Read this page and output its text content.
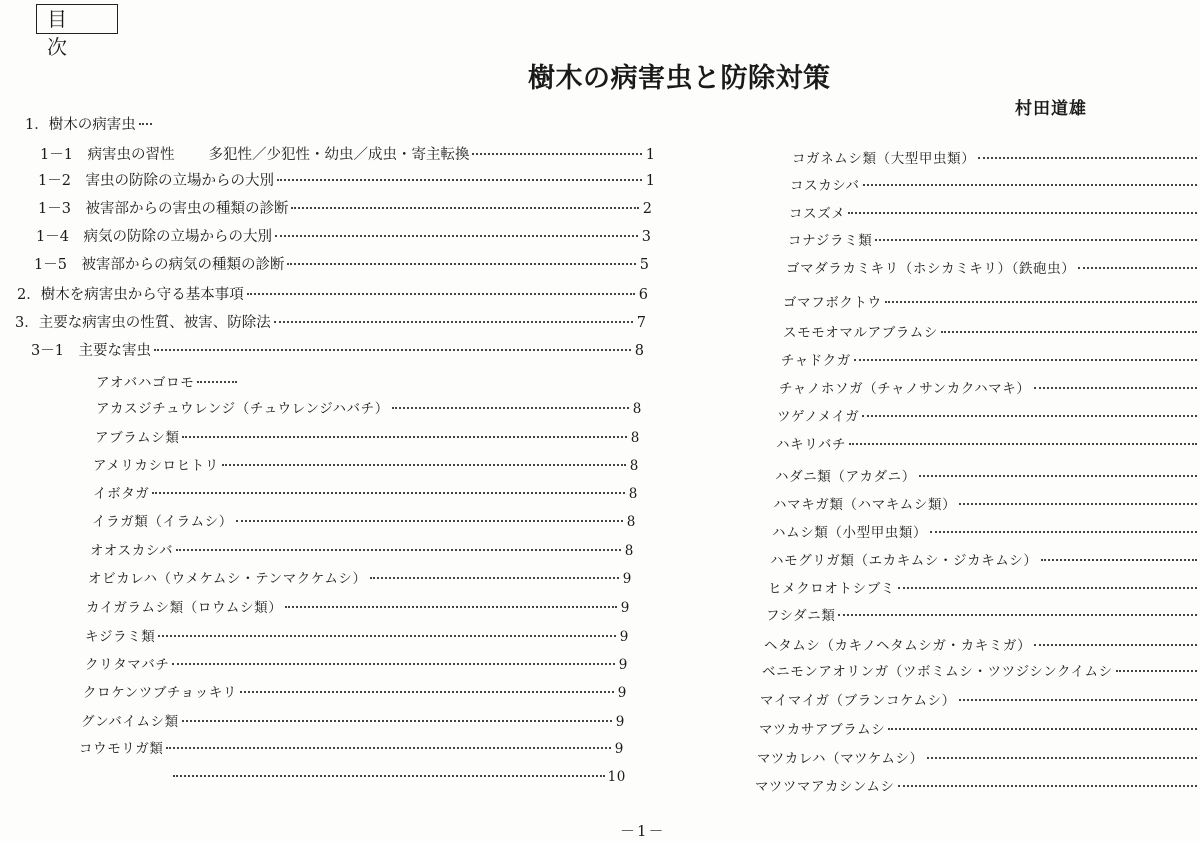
目 次
樹木の病害虫と防除対策
村田道雄
1． 樹木の病害虫
1－1　 病害虫の習性 多犯性／少犯性・幼虫／成虫・寄主転換	1
1－2　 害虫の防除の立場からの大別	1
1－3　 被害部からの害虫の種類の診断	2
1－4　 病気の防除の立場からの大別	3
1－5　 被害部からの病気の種類の診断	5
2． 樹木を病害虫から守る基本事項	6
3． 主要な病害虫の性質、被害、防除法	7
3－1　 主要な害虫	8
アオバハゴロモ
アカスジチュウレンジ（チュウレンジハバチ）	8
アブラムシ類	8
アメリカシロヒトリ	8
イボタガ	8
イラガ類（イラムシ）	8
オオスカシバ	8
オビカレハ（ウメケムシ・テンマクケムシ）	9
カイガラムシ類（ロウムシ類）	9
キジラミ類	9
クリタマバチ	9
クロケンツブチョッキリ	9
グンバイムシ類	9
コウモリガ類	9
10
コガネムシ類（大型甲虫類）
コスカシバ
コスズメ
コナジラミ類
ゴマダラカミキリ（ホシカミキリ）（鉄砲虫）
ゴマフボクトウ
スモモオマルアブラムシ
チャドクガ
チャノホソガ（チャノサンカクハマキ）
ツゲノメイガ
ハキリバチ
ハダニ類（アカダニ）
ハマキガ類（ハマキムシ類）
ハムシ類（小型甲虫類）
ハモグリガ類（エカキムシ・ジカキムシ）
ヒメクロオトシブミ
フシダニ類
ヘタムシ（カキノヘタムシガ・カキミガ）
ベニモンアオリンガ（ツボミムシ・ツツジシンクイムシ
マイマイガ（ブランコケムシ）
マツカサアブラムシ
マツカレハ（マツケムシ）
マツツマアカシンムシ
－1－
